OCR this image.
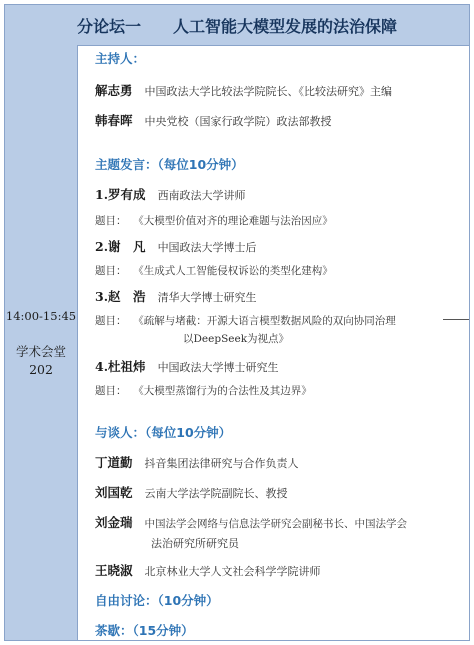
分论坛一　　人工智能大模型发展的法治保障
14:00-15:45
学术会堂
202
主持人：
解志勇 中国政法大学比较法学院院长、《比较法研究》主编
韩春晖 中央党校（国家行政学院）政法部教授
主题发言：（每位10分钟）
1.罗有成 西南政法大学讲师
题目： 《大模型价值对齐的理论难题与法治因应》
2.谢　凡 中国政法大学博士后
题目： 《生成式人工智能侵权诉讼的类型化建构》
3.赵　浩 清华大学博士研究生
题目： 《疏解与堵截：开源大语言模型数据风险的双向协同治理
以DeepSeek为视点》
4.杜祖炜 中国政法大学博士研究生
题目： 《大模型蒸馏行为的合法性及其边界》
与谈人：（每位10分钟）
丁道勤 抖音集团法律研究与合作负责人
刘国乾 云南大学法学院副院长、教授
刘金瑞 中国法学会网络与信息法学研究会副秘书长、中国法学会
法治研究所研究员
王晓淑 北京林业大学人文社会科学学院讲师
自由讨论：（10分钟）
茶歇：（15分钟）
